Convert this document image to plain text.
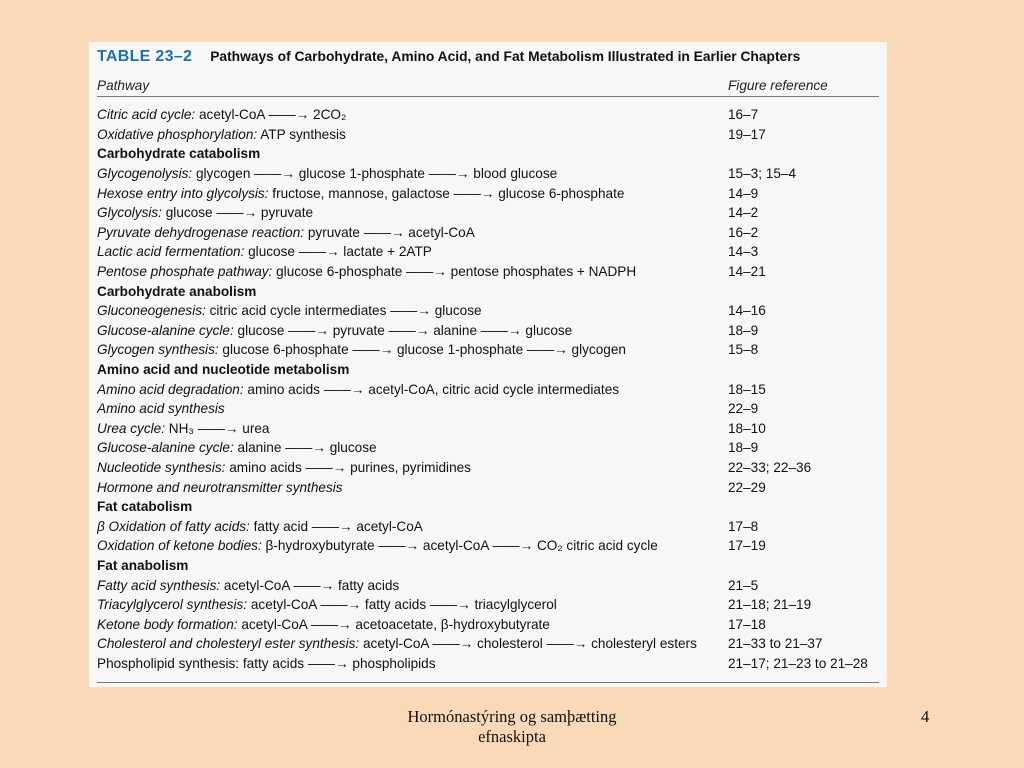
TABLE 23–2 Pathways of Carbohydrate, Amino Acid, and Fat Metabolism Illustrated in Earlier Chapters
Pathway	Figure reference
Citric acid cycle: acetyl-CoA ——→ 2CO₂	16–7
Oxidative phosphorylation: ATP synthesis	19–17
Carbohydrate catabolism
Glycogenolysis: glycogen ——→ glucose 1-phosphate ——→ blood glucose	15–3; 15–4
Hexose entry into glycolysis: fructose, mannose, galactose ——→ glucose 6-phosphate	14–9
Glycolysis: glucose ——→ pyruvate	14–2
Pyruvate dehydrogenase reaction: pyruvate ——→ acetyl-CoA	16–2
Lactic acid fermentation: glucose ——→ lactate + 2ATP	14–3
Pentose phosphate pathway: glucose 6-phosphate ——→ pentose phosphates + NADPH	14–21
Carbohydrate anabolism
Gluconeogenesis: citric acid cycle intermediates ——→ glucose	14–16
Glucose-alanine cycle: glucose ——→ pyruvate ——→ alanine ——→ glucose	18–9
Glycogen synthesis: glucose 6-phosphate ——→ glucose 1-phosphate ——→ glycogen	15–8
Amino acid and nucleotide metabolism
Amino acid degradation: amino acids ——→ acetyl-CoA, citric acid cycle intermediates	18–15
Amino acid synthesis	22–9
Urea cycle: NH₃ ——→ urea	18–10
Glucose-alanine cycle: alanine ——→ glucose	18–9
Nucleotide synthesis: amino acids ——→ purines, pyrimidines	22–33; 22–36
Hormone and neurotransmitter synthesis	22–29
Fat catabolism
β Oxidation of fatty acids: fatty acid ——→ acetyl-CoA	17–8
Oxidation of ketone bodies: β-hydroxybutyrate ——→ acetyl-CoA ——→ CO₂ citric acid cycle	17–19
Fat anabolism
Fatty acid synthesis: acetyl-CoA ——→ fatty acids	21–5
Triacylglycerol synthesis: acetyl-CoA ——→ fatty acids ——→ triacylglycerol	21–18; 21–19
Ketone body formation: acetyl-CoA ——→ acetoacetate, β-hydroxybutyrate	17–18
Cholesterol and cholesteryl ester synthesis: acetyl-CoA ——→ cholesterol ——→ cholesteryl esters	21–33 to 21–37
Phospholipid synthesis: fatty acids ——→ phospholipids	21–17; 21–23 to 21–28
Hormónastýring og samþætting
efnaskipta
4
